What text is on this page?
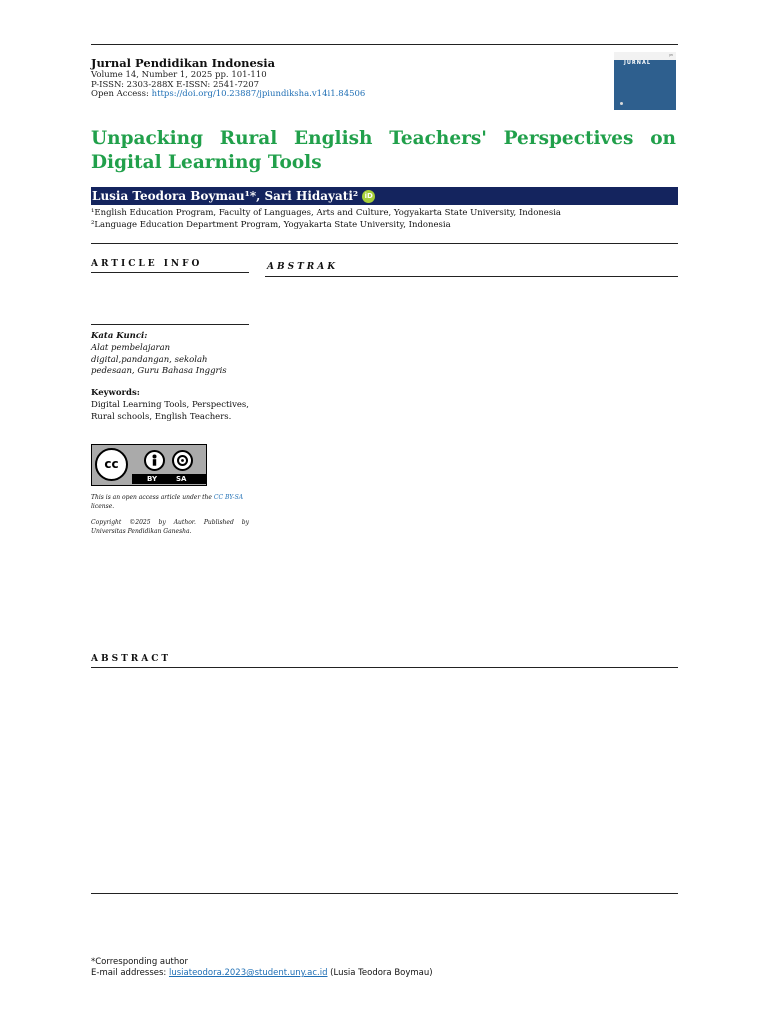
Jurnal Pendidikan Indonesia
Volume 14, Number 1, 2025 pp. 101-110
P-ISSN: 2303-288X E-ISSN: 2541-7207
Open Access: https://doi.org/10.23887/jpiundiksha.v14i1.84506
JPI
JURNAL
Unpacking Rural English Teachers' Perspectives on Digital Learning Tools
Lusia Teodora Boymau¹*, Sari Hidayati² iD
¹English Education Program, Faculty of Languages, Arts and Culture, Yogyakarta State University, Indonesia
²Language Education Department Program, Yogyakarta State University, Indonesia
ARTICLE INFO	ABSTRAK
Kata Kunci:
Alat pembelajaran digital,pandangan, sekolah pedesaan, Guru Bahasa Inggris
Keywords:
Digital Learning Tools, Perspectives, Rural schools, English Teachers.
cc
BY	SA
This is an open access article under the CC BY-SA license.
Copyright ©2025 by Author. Published by Universitas Pendidikan Ganesha.
ABSTRACT
*Corresponding author
E-mail addresses: lusiateodora.2023@student.uny.ac.id (Lusia Teodora Boymau)
